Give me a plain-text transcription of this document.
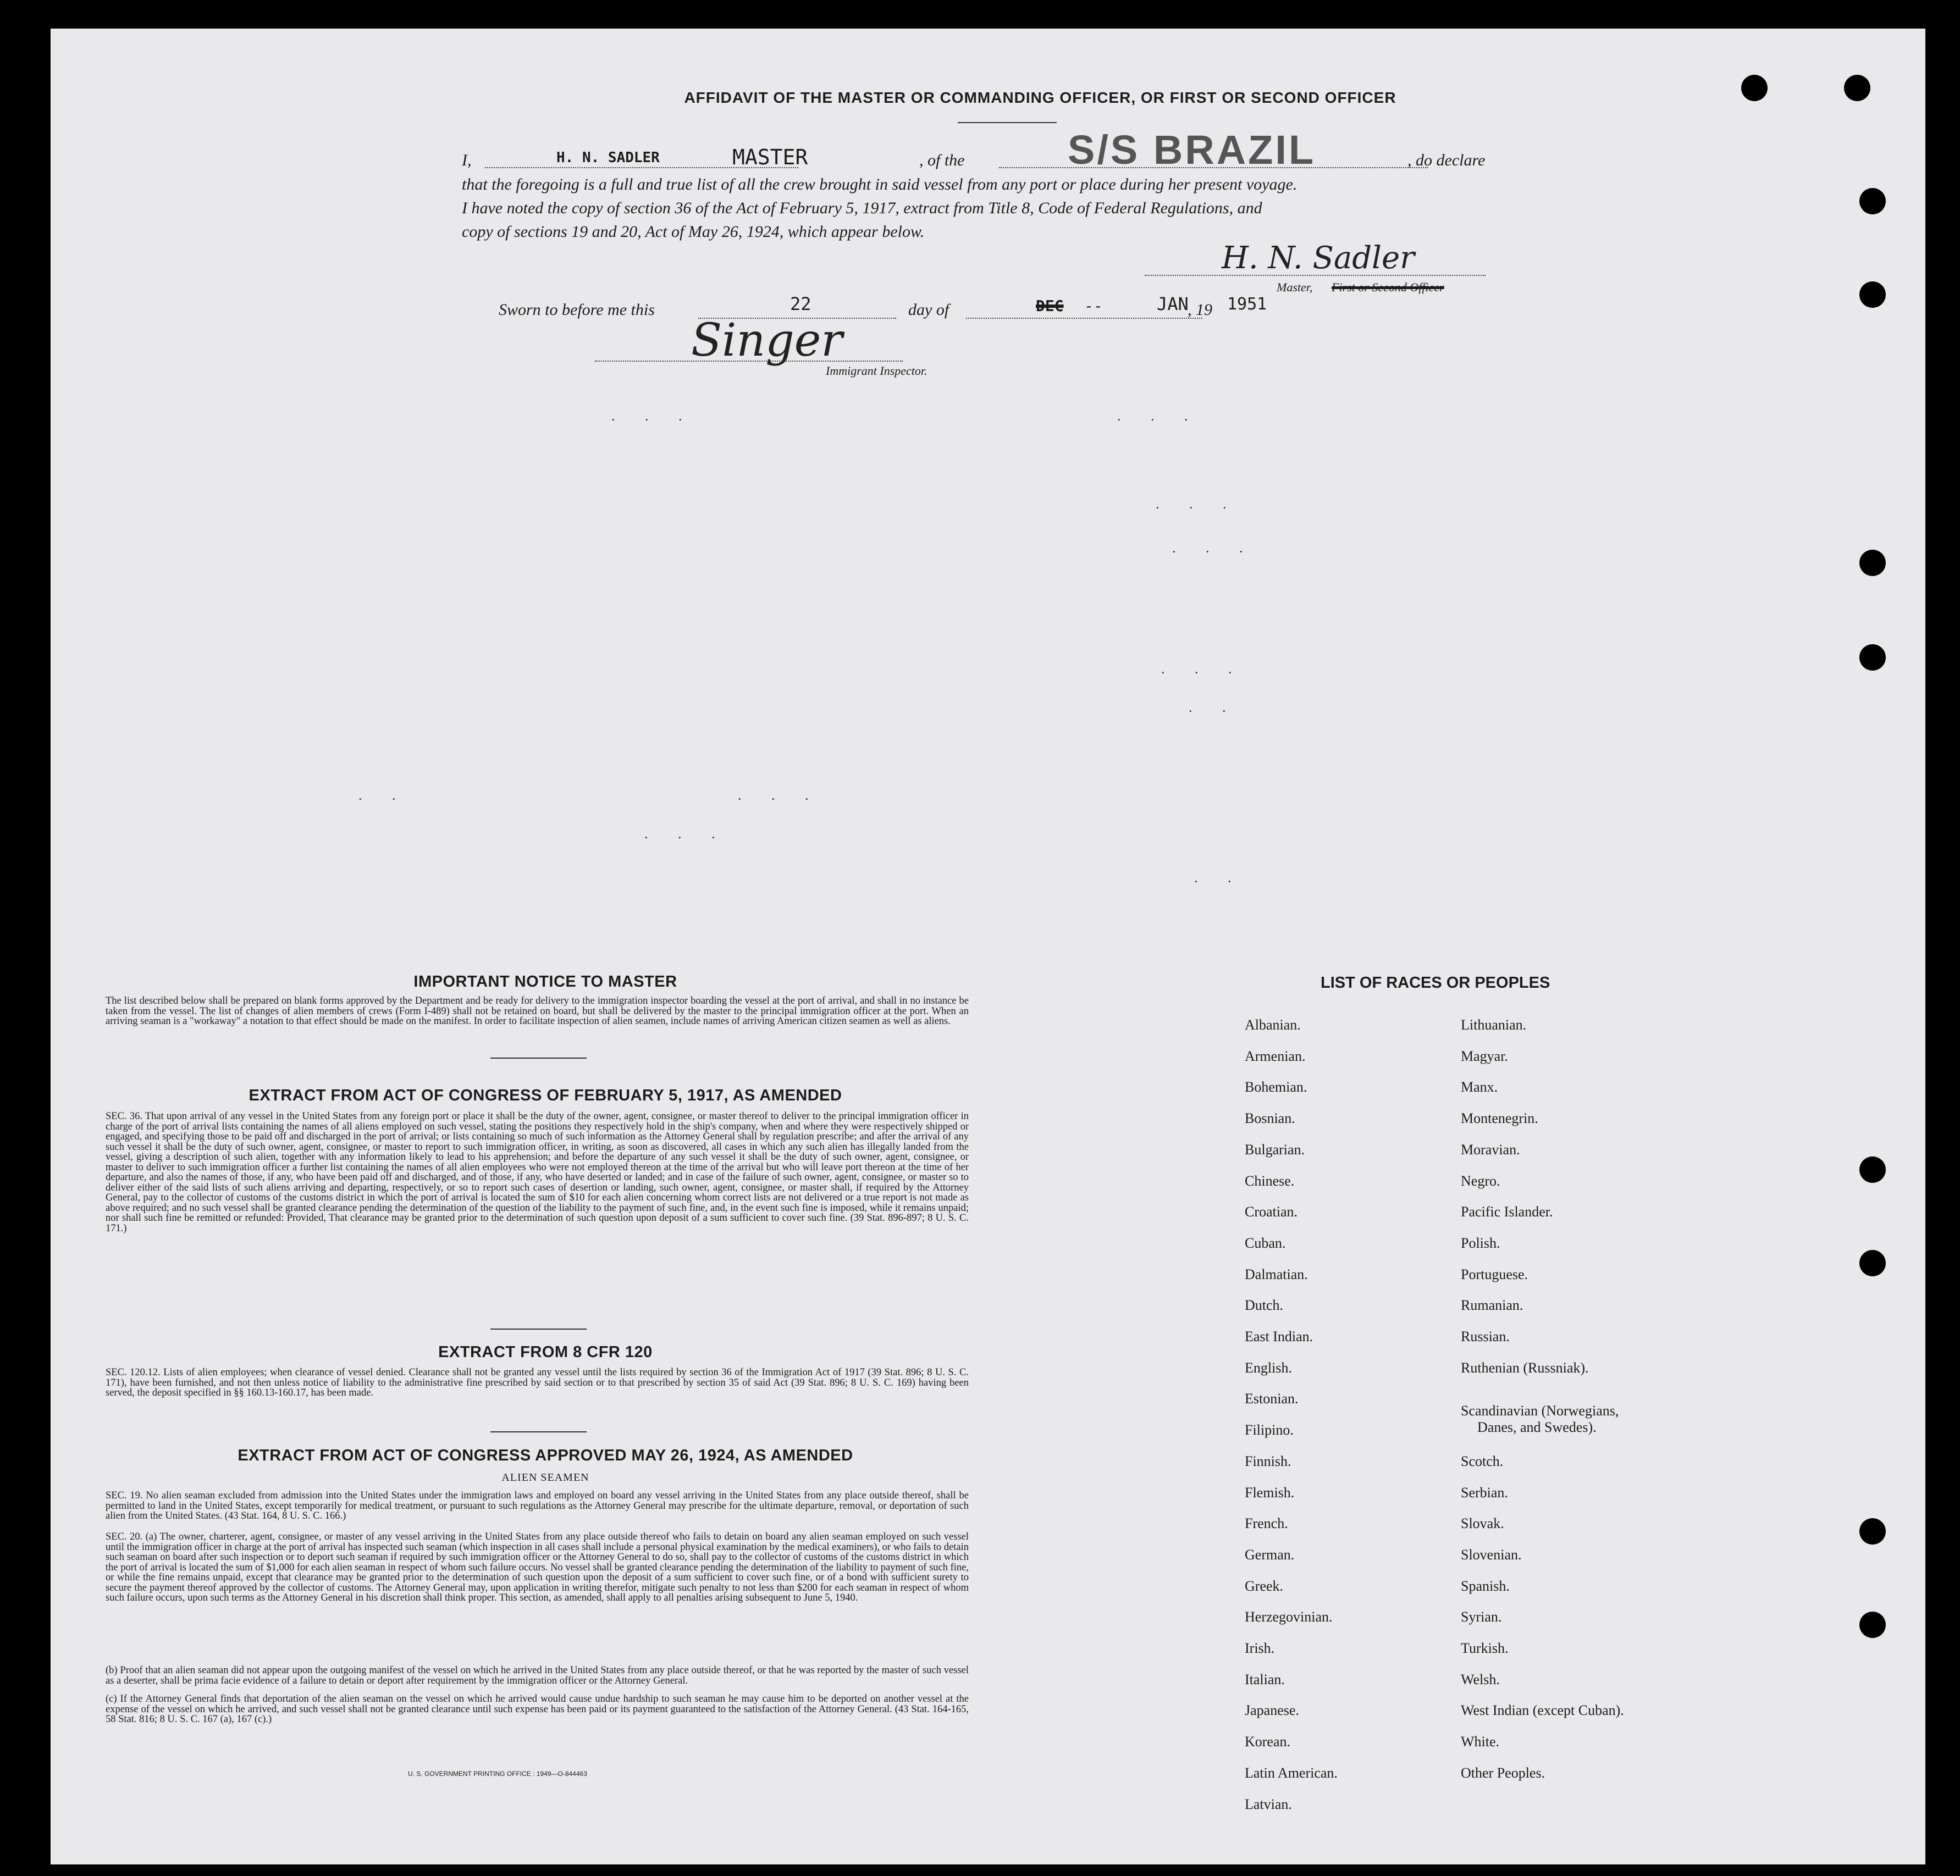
AFFIDAVIT OF THE MASTER OR COMMANDING OFFICER, OR FIRST OR SECOND OFFICER
I,	H. N. SADLER	MASTER	, of the	S/S BRAZIL	, do declare
that the foregoing is a full and true list of all the crew brought in said vessel from any port or place during her present voyage.
I have noted the copy of section 36 of the Act of February 5, 1917, extract from Title 8, Code of Federal Regulations, and
copy of sections 19 and 20, Act of May 26, 1924, which appear below.
H. N. Sadler
Master, First or Second Officer
Sworn to before me this	22	day of	DEC --	JAN
, 19 1951
Singer
Immigrant Inspector.
. . .	. . .
. . .
. . .
. . .
. .
. .	. . .
. . .
. .
IMPORTANT NOTICE TO MASTER
The list described below shall be prepared on blank forms approved by the Department and be ready for delivery to the immigration inspector boarding the vessel at the port of arrival, and shall in no instance be taken from the vessel. The list of changes of alien members of crews (Form I-489) shall not be retained on board, but shall be delivered by the master to the principal immigration officer at the port. When an arriving seaman is a "workaway" a notation to that effect should be made on the manifest. In order to facilitate inspection of alien seamen, include names of arriving American citizen seamen as well as aliens.
EXTRACT FROM ACT OF CONGRESS OF FEBRUARY 5, 1917, AS AMENDED
SEC. 36. That upon arrival of any vessel in the United States from any foreign port or place it shall be the duty of the owner, agent, consignee, or master thereof to deliver to the principal immigration officer in charge of the port of arrival lists containing the names of all aliens employed on such vessel, stating the positions they respectively hold in the ship's company, when and where they were respectively shipped or engaged, and specifying those to be paid off and discharged in the port of arrival; or lists containing so much of such information as the Attorney General shall by regulation prescribe; and after the arrival of any such vessel it shall be the duty of such owner, agent, consignee, or master to report to such immigration officer, in writing, as soon as discovered, all cases in which any such alien has illegally landed from the vessel, giving a description of such alien, together with any information likely to lead to his apprehension; and before the departure of any such vessel it shall be the duty of such owner, agent, consignee, or master to deliver to such immigration officer a further list containing the names of all alien employees who were not employed thereon at the time of the arrival but who will leave port thereon at the time of her departure, and also the names of those, if any, who have been paid off and discharged, and of those, if any, who have deserted or landed; and in case of the failure of such owner, agent, consignee, or master so to deliver either of the said lists of such aliens arriving and departing, respectively, or so to report such cases of desertion or landing, such owner, agent, consignee, or master shall, if required by the Attorney General, pay to the collector of customs of the customs district in which the port of arrival is located the sum of $10 for each alien concerning whom correct lists are not delivered or a true report is not made as above required; and no such vessel shall be granted clearance pending the determination of the question of the liability to the payment of such fine, and, in the event such fine is imposed, while it remains unpaid; nor shall such fine be remitted or refunded: Provided, That clearance may be granted prior to the determination of such question upon deposit of a sum sufficient to cover such fine. (39 Stat. 896-897; 8 U. S. C. 171.)
EXTRACT FROM 8 CFR 120
SEC. 120.12. Lists of alien employees; when clearance of vessel denied. Clearance shall not be granted any vessel until the lists required by section 36 of the Immigration Act of 1917 (39 Stat. 896; 8 U. S. C. 171), have been furnished, and not then unless notice of liability to the administrative fine prescribed by said section or to that prescribed by section 35 of said Act (39 Stat. 896; 8 U. S. C. 169) having been served, the deposit specified in §§ 160.13-160.17, has been made.
EXTRACT FROM ACT OF CONGRESS APPROVED MAY 26, 1924, AS AMENDED
ALIEN SEAMEN
SEC. 19. No alien seaman excluded from admission into the United States under the immigration laws and employed on board any vessel arriving in the United States from any place outside thereof, shall be permitted to land in the United States, except temporarily for medical treatment, or pursuant to such regulations as the Attorney General may prescribe for the ultimate departure, removal, or deportation of such alien from the United States. (43 Stat. 164, 8 U. S. C. 166.)
SEC. 20. (a) The owner, charterer, agent, consignee, or master of any vessel arriving in the United States from any place outside thereof who fails to detain on board any alien seaman employed on such vessel until the immigration officer in charge at the port of arrival has inspected such seaman (which inspection in all cases shall include a personal physical examination by the medical examiners), or who fails to detain such seaman on board after such inspection or to deport such seaman if required by such immigration officer or the Attorney General to do so, shall pay to the collector of customs of the customs district in which the port of arrival is located the sum of $1,000 for each alien seaman in respect of whom such failure occurs. No vessel shall be granted clearance pending the determination of the liability to payment of such fine, or while the fine remains unpaid, except that clearance may be granted prior to the determination of such question upon the deposit of a sum sufficient to cover such fine, or of a bond with sufficient surety to secure the payment thereof approved by the collector of customs. The Attorney General may, upon application in writing therefor, mitigate such penalty to not less than $200 for each seaman in respect of whom such failure occurs, upon such terms as the Attorney General in his discretion shall think proper. This section, as amended, shall apply to all penalties arising subsequent to June 5, 1940.
(b) Proof that an alien seaman did not appear upon the outgoing manifest of the vessel on which he arrived in the United States from any place outside thereof, or that he was reported by the master of such vessel as a deserter, shall be prima facie evidence of a failure to detain or deport after requirement by the immigration officer or the Attorney General.
(c) If the Attorney General finds that deportation of the alien seaman on the vessel on which he arrived would cause undue hardship to such seaman he may cause him to be deported on another vessel at the expense of the vessel on which he arrived, and such vessel shall not be granted clearance until such expense has been paid or its payment guaranteed to the satisfaction of the Attorney General. (43 Stat. 164-165, 58 Stat. 816; 8 U. S. C. 167 (a), 167 (c).)
U. S. GOVERNMENT PRINTING OFFICE : 1949—O-844463
LIST OF RACES OR PEOPLES
Albanian.
Armenian.
Bohemian.
Bosnian.
Bulgarian.
Chinese.
Croatian.
Cuban.
Dalmatian.
Dutch.
East Indian.
English.
Estonian.
Filipino.
Finnish.
Flemish.
French.
German.
Greek.
Herzegovinian.
Irish.
Italian.
Japanese.
Korean.
Latin American.
Latvian.
Lithuanian.
Magyar.
Manx.
Montenegrin.
Moravian.
Negro.
Pacific Islander.
Polish.
Portuguese.
Rumanian.
Russian.
Ruthenian (Russniak).
Scandinavian (Norwegians,
Danes, and Swedes).
Scotch.
Serbian.
Slovak.
Slovenian.
Spanish.
Syrian.
Turkish.
Welsh.
West Indian (except Cuban).
White.
Other Peoples.
